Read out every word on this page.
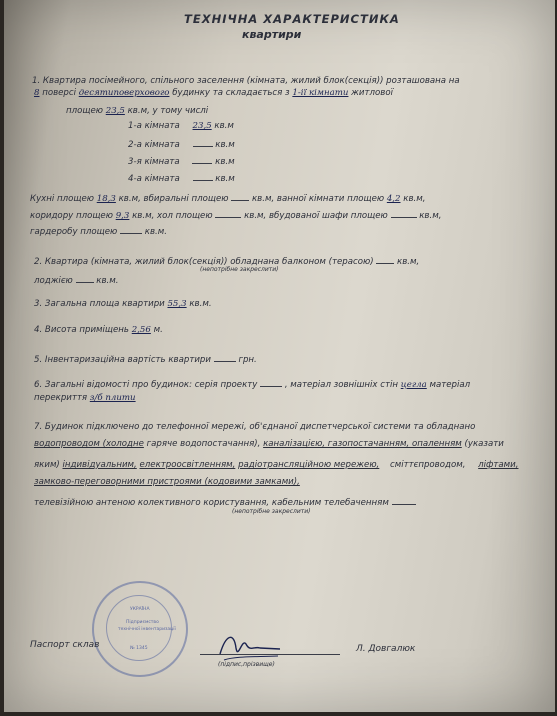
ТЕХНІЧНА ХАРАКТЕРИСТИКА
квартири
1. Квартира посімейного, спільного заселення (кімната, жилий блок(секція)) розташована на
8 поверсі десятиповерхового будинку та складається з 1-ії кімнати житлової
площею 23,5 кв.м, у тому числі
1-а кімната 23,5 кв.м
2-а кімната	кв.м
3-я кімната	кв.м
4-а кімната	кв.м
Кухні площею 18,3 кв.м, вбиральні площею	кв.м, ванної кімнати площею 4,2 кв.м,
коридору площею 9,3 кв.м, хол площею	кв.м, вбудованої шафи площею	кв.м,
гардеробу площею	кв.м.
2. Квартира (кімната, жилий блок(секція)) обладнана балконом (терасою)	кв.м,
(непотрібне закреслити)
лоджією	кв.м.
3. Загальна площа квартири 55,3 кв.м.
4. Висота приміщень 2,56 м.
5. Інвентаризаційна вартість квартири	грн.
6. Загальні відомості про будинок: серія проекту	, матеріал зовнішніх стін цегла матеріал
перекриття з/б плити
7. Будинок підключено до телефонної мережі, об'єднаної диспетчерської системи та обладнано
водопроводом (холодне гаряче водопостачання), каналізацією, газопостачанням, опаленням (указати
яким) індивідуальним, електроосвітленням, радіотрансляційною мережею, сміттєпроводом, ліфтами,
замково-переговорними пристроями (кодовими замками),
телевізійною антеною колективного користування, кабельним телебаченням
(непотрібне закреслити)
УКРАЇНА
Підприємство
технічної інвентаризації
№ 1345
Паспорт склав
(підпис,прізвище)
Л. Довгалюк
